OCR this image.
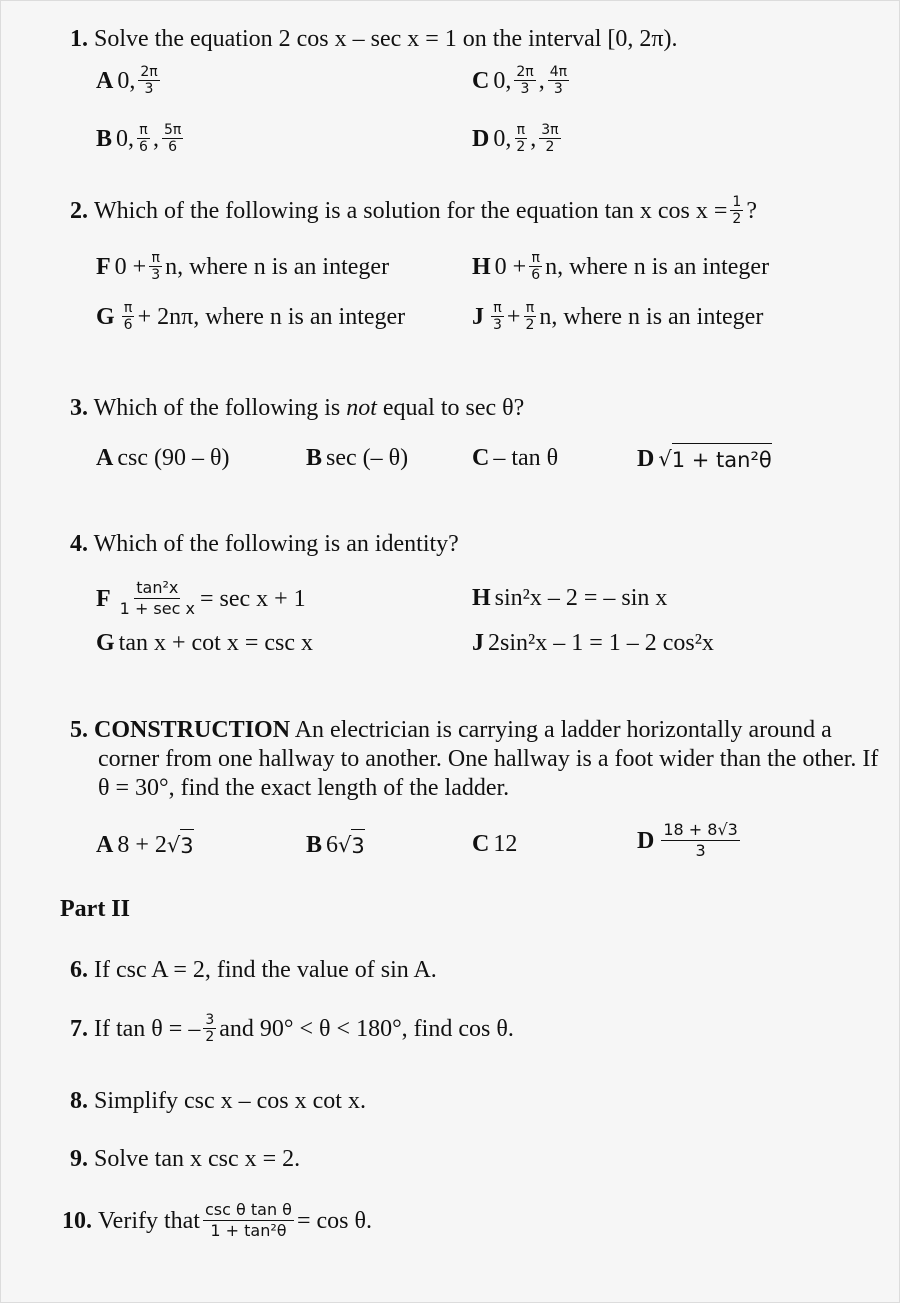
1. Solve the equation 2 cos x – sec x = 1 on the interval [0, 2π).
A 0, $\frac{2\pi}{3}$
B 0, $\frac{\pi}{6}$ , $\frac{5\pi}{6}$
C 0, $\frac{2\pi}{3}$ , $\frac{4\pi}{3}$
D 0, $\frac{\pi}{2}$ , $\frac{3\pi}{2}$
2. Which of the following is a solution for the equation tan x $\cos x = \frac{1}{2}$ ?
F $0 + \frac{\pi}{3} n$, where n is an integer
G $\frac{\pi}{6} + 2n\pi$, where n is an integer
H $0 + \frac{\pi}{6} n$, where n is an integer
J $\frac{\pi}{3} + \frac{\pi}{2} n$, where n is an integer
3. Which of the following is not equal to sec θ?
A csc (90 – θ)	B sec (– θ)	C – tan θ	D √ 1 + tan²θ
4. Which of the following is an identity?
F $\frac{\text{tan²x}}{\text{1 + sec x}} = \sec x + 1$
G tan x + cot x = csc x
H sin²x – 2 = – sin x
J 2sin²x – 1 = 1 – 2 cos²x
5. CONSTRUCTION An electrician is carrying a ladder horizontally around a corner from one hallway to another. One hallway is a foot wider than the other. If θ = 30°, find the exact length of the ladder.
A 8 + 2 √ 3	B 6 √ 3	C 12	D $\frac{18 + 8√3}{3}$
Part II
6. If csc A = 2, find the value of sin A.
7. If tan θ = – $\frac{3}{2}$ and 90° < θ < 180°, find cos θ.
8. Simplify csc x – cos x cot x.
9. Solve tan x csc x = 2.
10. Verify that $\frac{\text{csc θ tan θ}}{\text{1 + tan²θ}} = \cos \theta$.
